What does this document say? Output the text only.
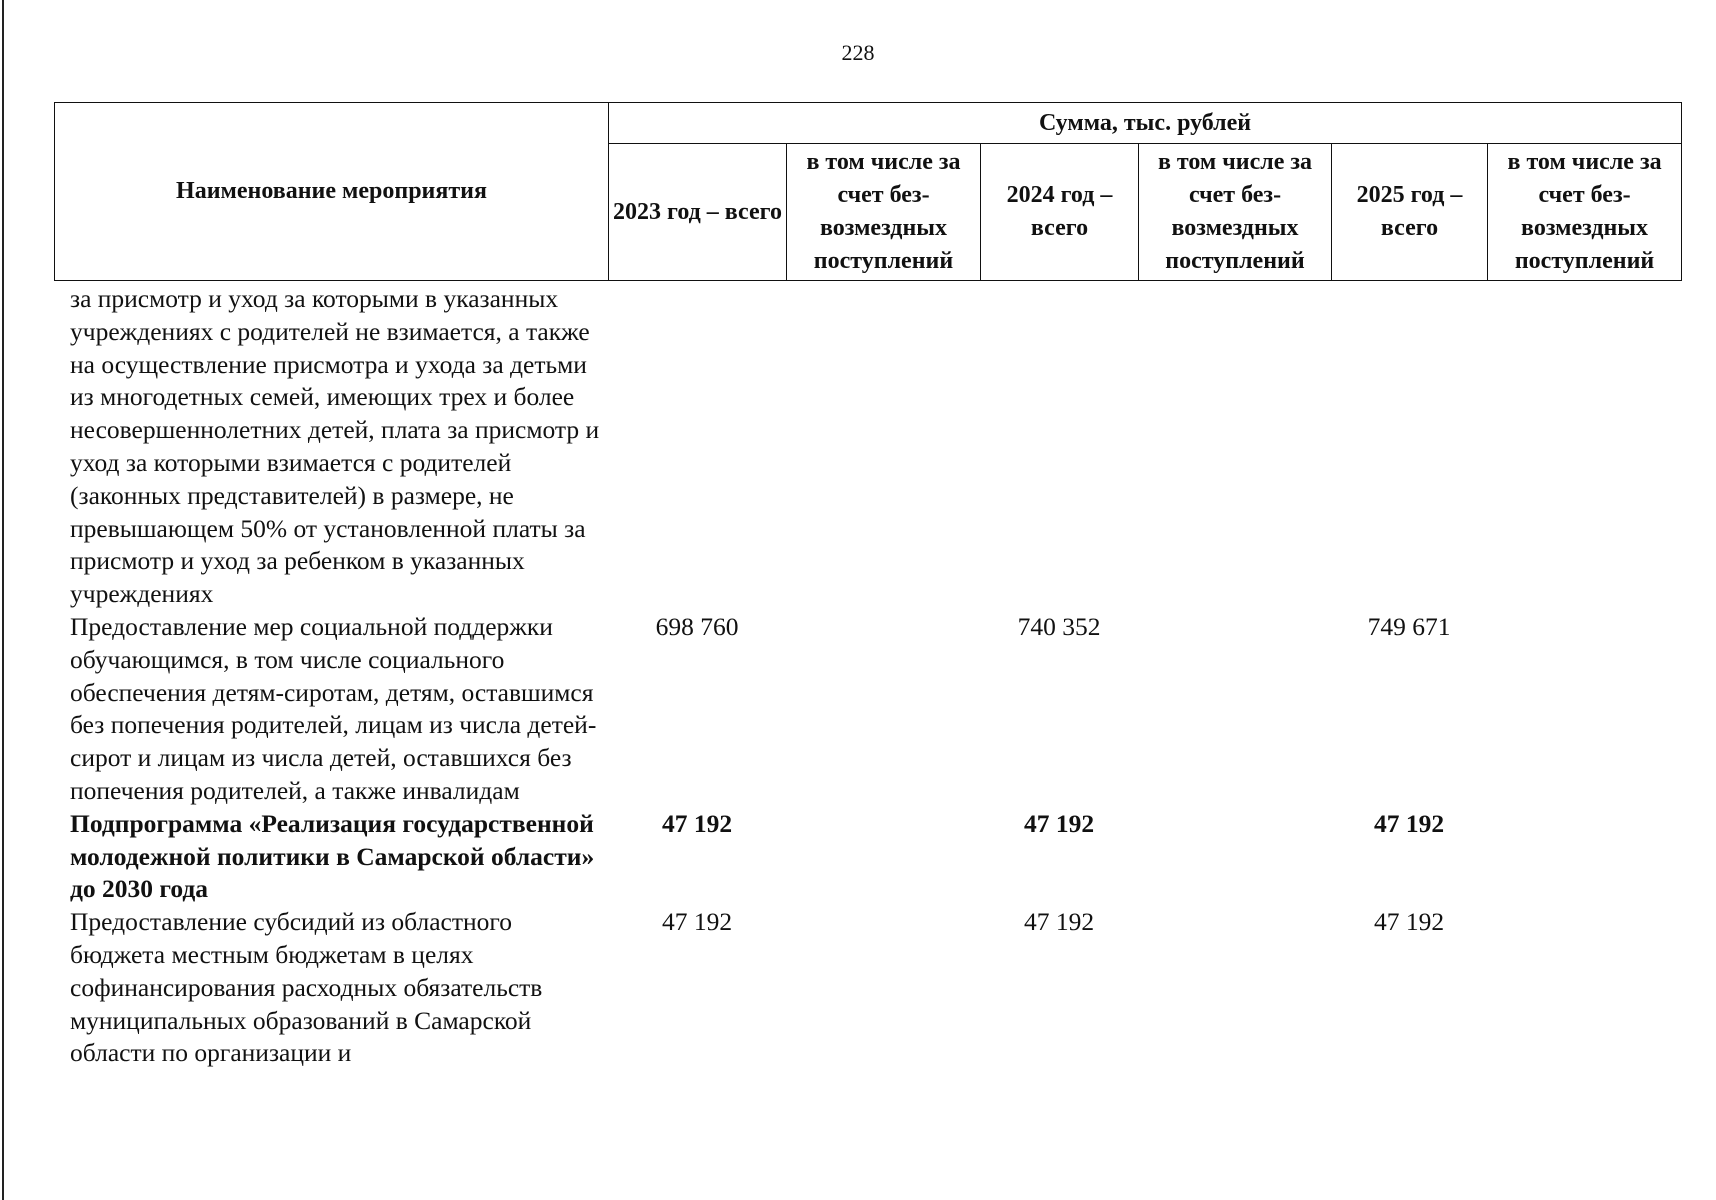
228
Наименование мероприятия	Сумма, тыс. рублей					
	2023 год – всего	в том числе за счет без-возмездных поступлений	2024 год – всего	в том числе за счет без-возмездных поступлений	2025 год – всего	в том числе за счет без-возмездных поступлений
за присмотр и уход за которыми в указанных учреждениях с родителей не взимается, а также на осуществление присмотра и ухода за детьми из многодетных семей, имеющих трех и более несовершеннолетних детей, плата за присмотр и уход за которыми взимается с родителей (законных представителей) в размере, не превышающем 50% от установленной платы за присмотр и уход за ребенком в указанных учреждениях						
Предоставление мер социальной поддержки обучающимся, в том числе социального обеспечения детям-сиротам, детям, оставшимся без попечения родителей, лицам из числа детей-сирот и лицам из числа детей, оставшихся без попечения родителей, а также инвалидам	698 760		740 352		749 671	
Подпрограмма «Реализация государственной молодежной политики в Самарской области» до 2030 года	47 192		47 192		47 192	
Предоставление субсидий из областного бюджета местным бюджетам в целях софинансирования расходных обязательств муниципальных образований в Самарской области по организации и	47 192		47 192		47 192	
